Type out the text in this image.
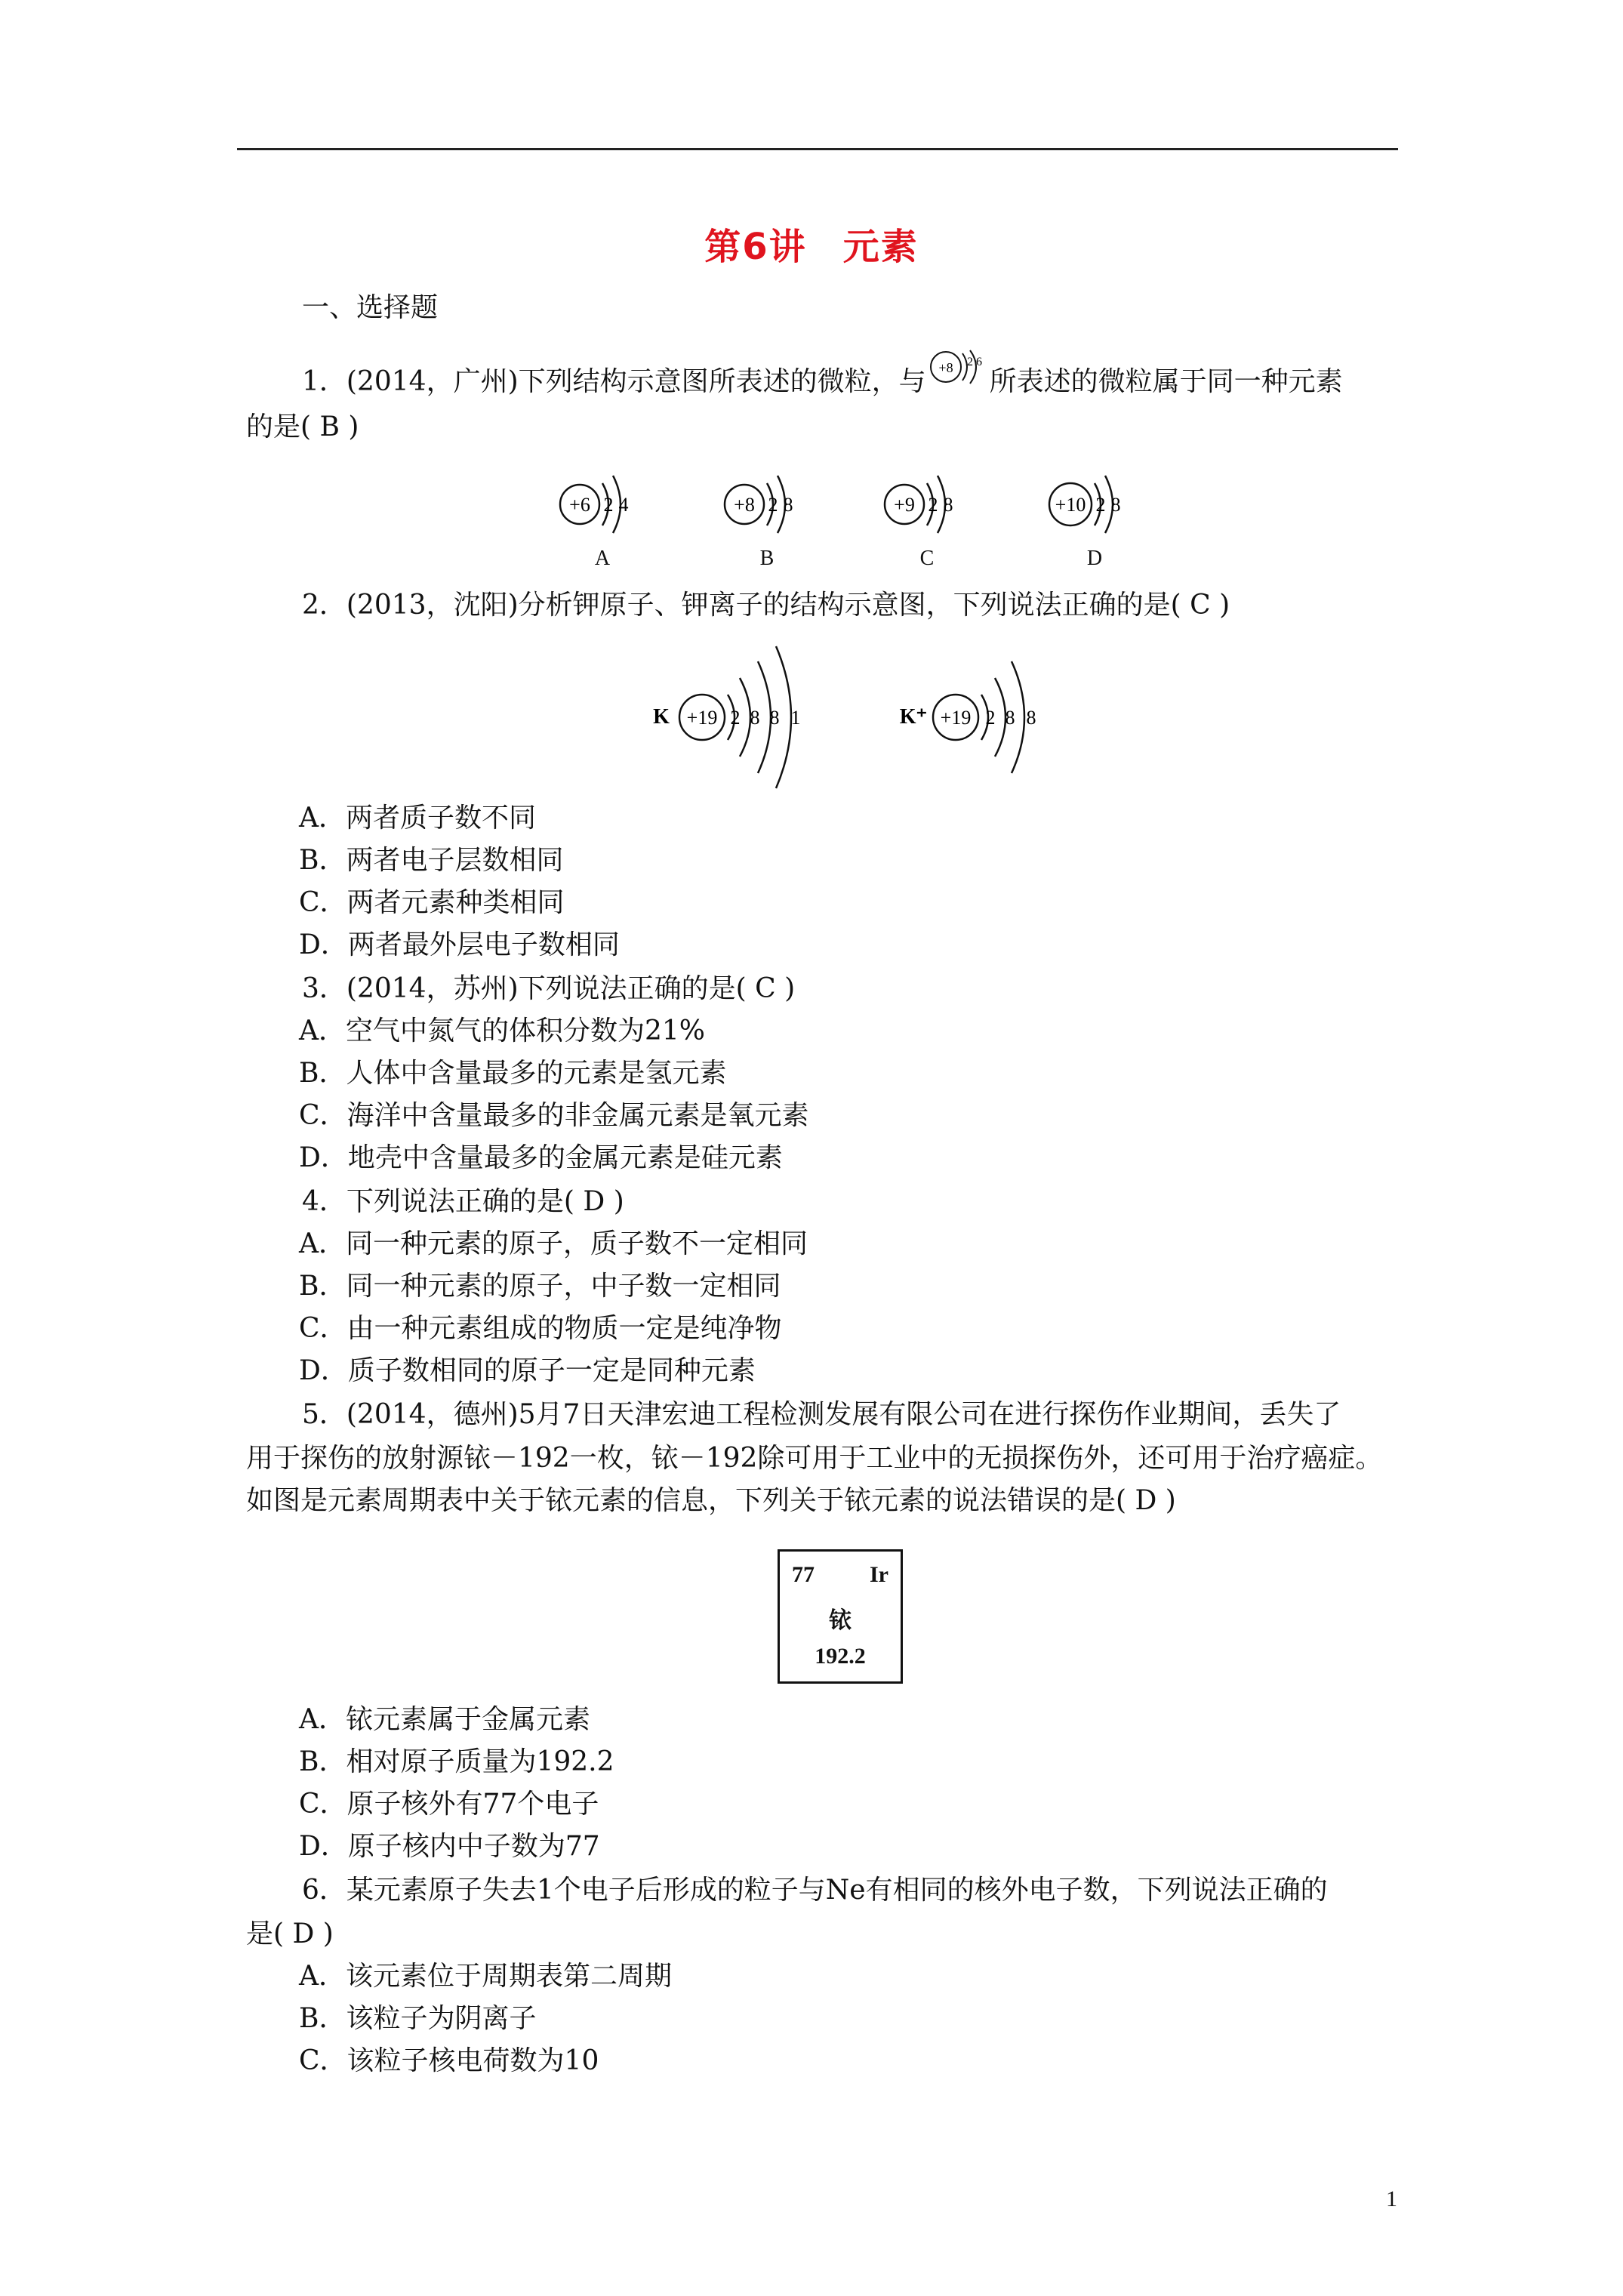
第6讲 元素
一、选择题
1．(2014，广州)下列结构示意图所表述的微粒，与 +8 2 6
所表述的微粒属于同一种元素
的是( B )
+6 2 4	+8 2 8	+9 2 8	+10 2 8
A	B	C	D
2．(2013，沈阳)分析钾原子、钾离子的结构示意图，下列说法正确的是( C )
K +19 2 8 8 1	K⁺ +19 2 8 8
A．两者质子数不同
B．两者电子层数相同
C．两者元素种类相同
D．两者最外层电子数相同
3．(2014，苏州)下列说法正确的是( C )
A．空气中氮气的体积分数为21%
B．人体中含量最多的元素是氢元素
C．海洋中含量最多的非金属元素是氧元素
D．地壳中含量最多的金属元素是硅元素
4．下列说法正确的是( D )
A．同一种元素的原子，质子数不一定相同
B．同一种元素的原子，中子数一定相同
C．由一种元素组成的物质一定是纯净物
D．质子数相同的原子一定是同种元素
5．(2014，德州)5月7日天津宏迪工程检测发展有限公司在进行探伤作业期间，丢失了
用于探伤的放射源铱－192一枚，铱－192除可用于工业中的无损探伤外，还可用于治疗癌症。
如图是元素周期表中关于铱元素的信息，下列关于铱元素的说法错误的是( D )
77 Ir
铱
192.2
A．铱元素属于金属元素
B．相对原子质量为192.2
C．原子核外有77个电子
D．原子核内中子数为77
6．某元素原子失去1个电子后形成的粒子与Ne有相同的核外电子数，下列说法正确的
是( D )
A．该元素位于周期表第二周期
B．该粒子为阴离子
C．该粒子核电荷数为10
1
